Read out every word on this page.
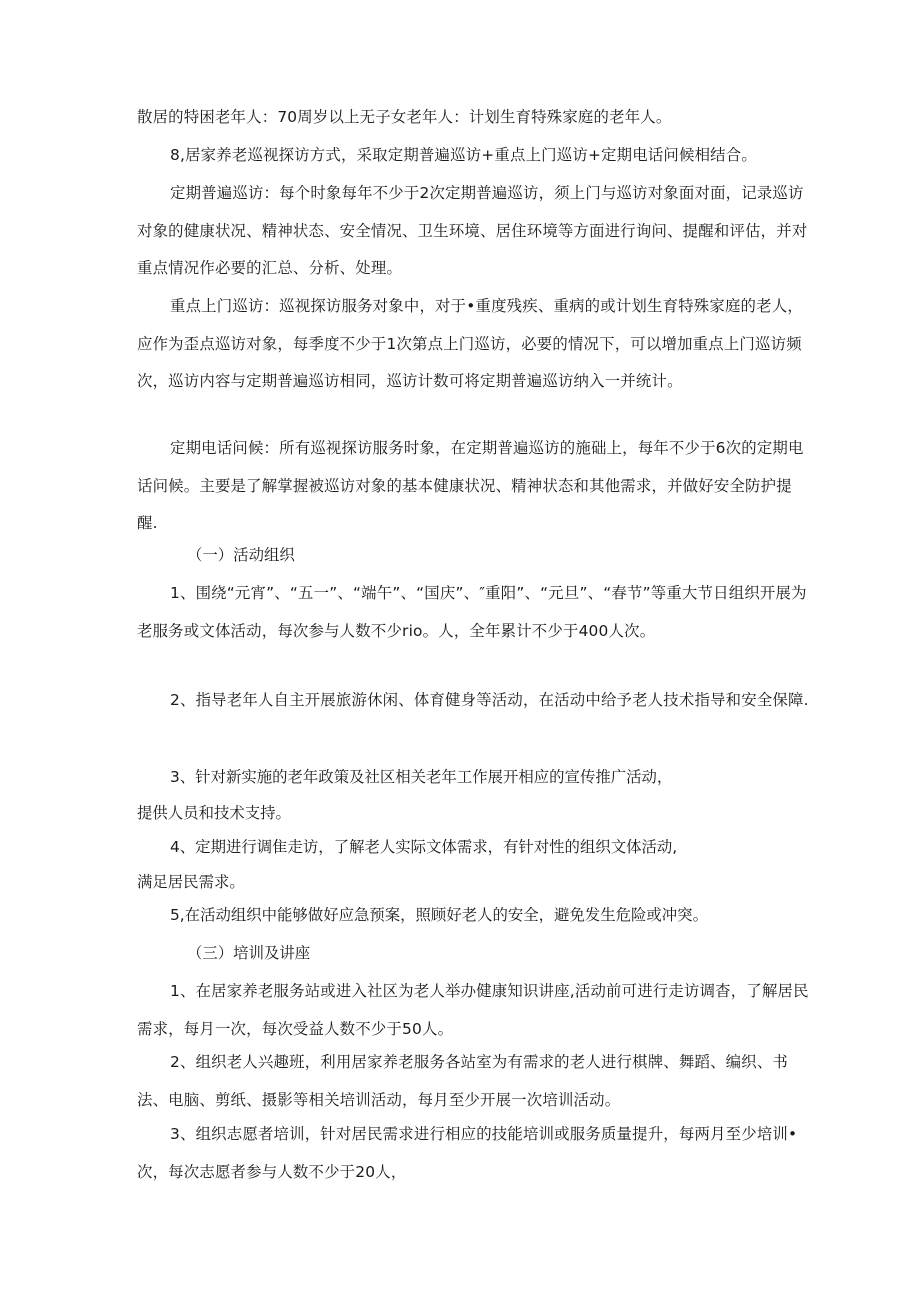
散居的特困老年人：70周岁以上无子女老年人：计划生育特殊家庭的老年人。

8,居家养老巡视探访方式，采取定期普遍巡访+重点上门巡访+定期电话问候相结合。

定期普遍巡访：每个时象每年不少于2次定期普遍巡访，须上门与巡访对象面对面，记录巡访对象的健康状况、精神状态、安全情况、卫生环境、居住环境等方面进行询问、提醒和评估，并对重点情况作必要的汇总、分析、处理。

重点上门巡访：巡视探访服务对象中，对于•重度残疾、重病的或计划生育特殊家庭的老人，应作为歪点巡访对象，每季度不少于1次第点上门巡访，必要的情况下，可以增加重点上门巡访频次，巡访内容与定期普遍巡访相同，巡访计数可将定期普遍巡访纳入一并统计。

定期电话问候：所有巡视探访服务时象，在定期普遍巡访的施础上，每年不少于6次的定期电话问候。主要是了解掌握被巡访对象的基本健康状况、精神状态和其他需求，并做好安全防护提醒.

（一）活动组织

1、围绕“元宵”、“五一”、“端午”、“国庆”、″重阳”、“元旦”、“春节”等重大节日组织开展为老服务或文体活动，每次参与人数不少rio。人，全年累计不少于400人次。

2、指导老年人自主开展旅游休闲、体育健身等活动，在活动中给予老人技术指导和安全保障.

3、针对新实施的老年政策及社区相关老年工作展开相应的宣传推广活动，

提供人员和技术支持。

4、定期进行调隹走访，了解老人实际文体需求，有针对性的组织文体活动,

满足居民需求。

5,在活动组织中能够做好应急预案，照顾好老人的安全，避免发生危险或冲突。

（三）培训及讲座

1、在居家养老服务站或进入社区为老人举办健康知识讲座,活动前可进行走访调杳，了解居民需求，每月一次，每次受益人数不少于50人。

2、组织老人兴趣班，利用居家养老服务各站室为有需求的老人进行棋牌、舞蹈、编织、书法、电脑、剪纸、摄影等相关培训活动，每月至少开展一次培训活动。

3、组织志愿者培训，针对居民需求进行相应的技能培训或服务质量提升，每两月至少培训•次，每次志愿者参与人数不少于20人，
